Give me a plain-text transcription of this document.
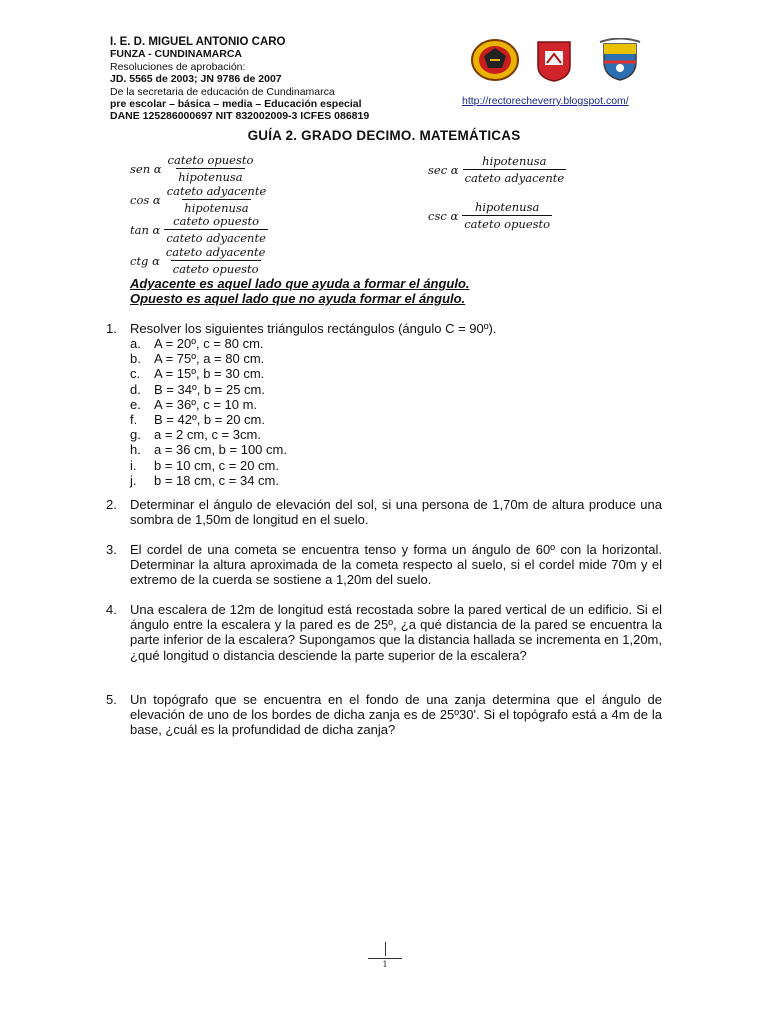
I. E. D. MIGUEL ANTONIO CARO
FUNZA - CUNDINAMARCA
Resoluciones de aprobación:
JD. 5565 de 2003; JN 9786 de 2007
De la secretaria de educación de Cundinamarca
pre escolar – básica – media – Educación especial
DANE 125286000697 NIT 832002009-3 ICFES 086819
http://rectorecheverry.blogspot.com/
GUÍA 2. GRADO DECIMO. MATEMÁTICAS
sen α $\frac{\text{cateto opuesto}}{\text{hipotenusa}}$
cos α $\frac{\text{cateto adyacente}}{\text{hipotenusa}}$
tan α $\frac{\text{cateto opuesto}}{\text{cateto adyacente}}$
ctg α $\frac{\text{cateto adyacente}}{\text{cateto opuesto}}$
sec α $\frac{\text{hipotenusa}}{\text{cateto adyacente}}$
csc α $\frac{\text{hipotenusa}}{\text{cateto opuesto}}$
Adyacente es aquel lado que ayuda a formar el ángulo.
Opuesto es aquel lado que no ayuda formar el ángulo.
1. Resolver los siguientes triángulos rectángulos (ángulo C = 90º).
a. A = 20º, c = 80 cm.
b. A = 75º, a = 80 cm.
c. A = 15º, b = 30 cm.
d. B = 34º, b = 25 cm.
e. A = 36º, c = 10 m.
f. B = 42º, b = 20 cm.
g. a = 2 cm, c = 3cm.
h. a = 36 cm, b = 100 cm.
i. b = 10 cm, c = 20 cm.
j. b = 18 cm, c = 34 cm.
2. Determinar el ángulo de elevación del sol, si una persona de 1,70m de altura produce una sombra de 1,50m de longitud en el suelo.
3. El cordel de una cometa se encuentra tenso y forma un ángulo de 60º con la horizontal. Determinar la altura aproximada de la cometa respecto al suelo, si el cordel mide 70m y el extremo de la cuerda se sostiene a 1,20m del suelo.
4. Una escalera de 12m de longitud está recostada sobre la pared vertical de un edificio. Si el ángulo entre la escalera y la pared es de 25º, ¿a qué distancia de la pared se encuentra la parte inferior de la escalera? Supongamos que la distancia hallada se incrementa en 1,20m, ¿qué longitud o distancia desciende la parte superior de la escalera?
5. Un topógrafo que se encuentra en el fondo de una zanja determina que el ángulo de elevación de uno de los bordes de dicha zanja es de 25º30'. Si el topógrafo está a 4m de la base, ¿cuál es la profundidad de dicha zanja?
1
